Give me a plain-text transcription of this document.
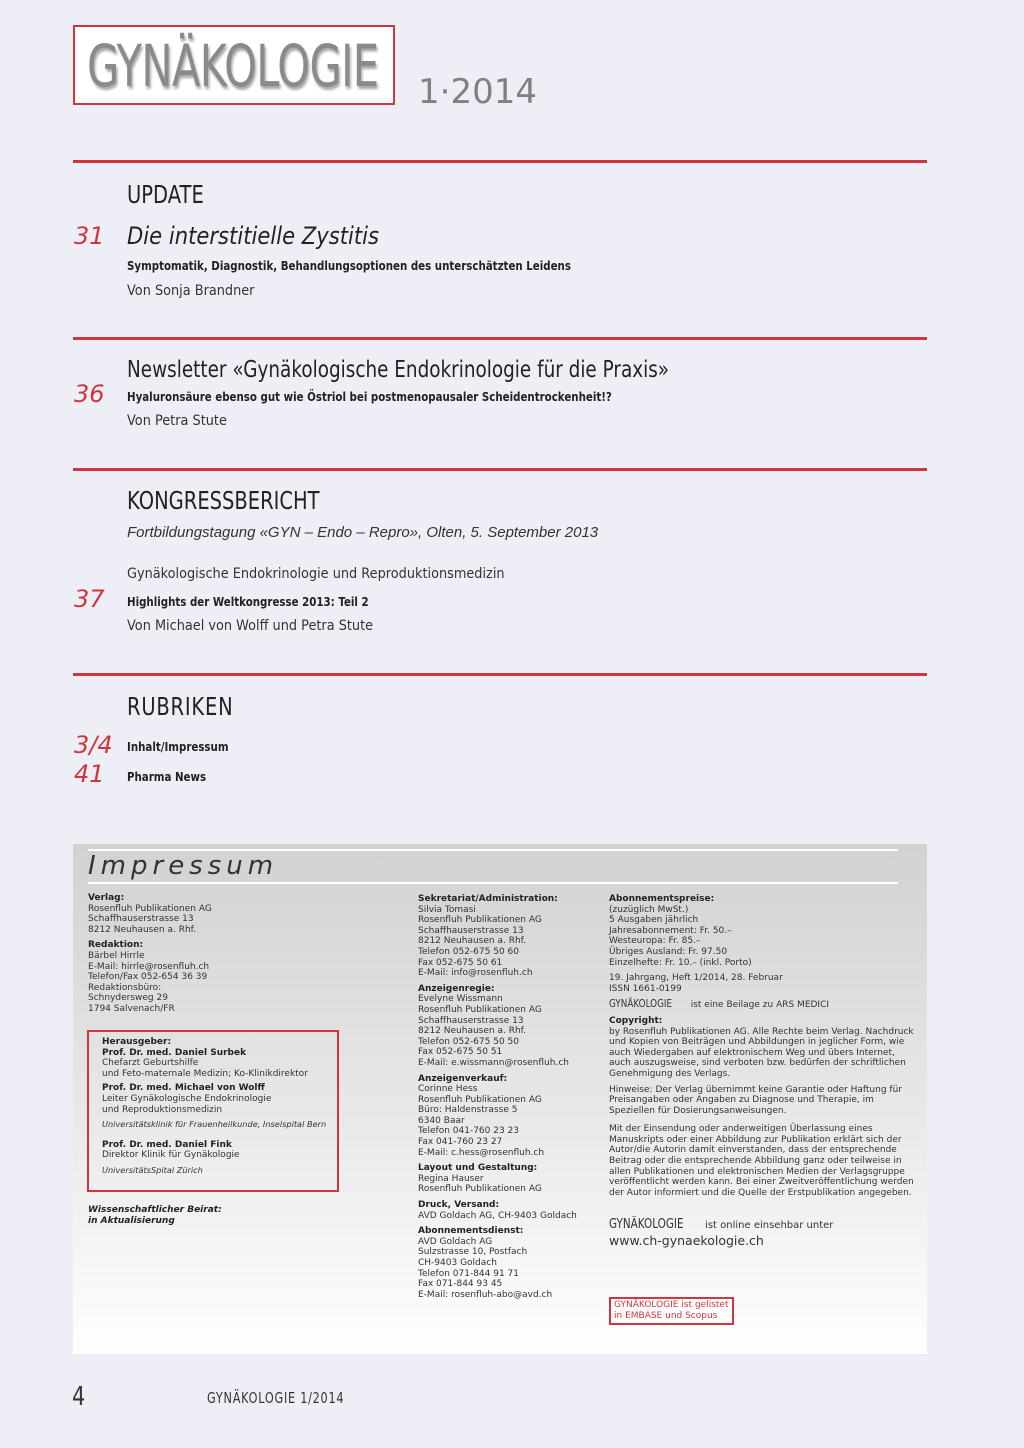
GYNÄKOLOGIE 1·2014
UPDATE
31 Die interstitielle Zystitis
Symptomatik, Diagnostik, Behandlungsoptionen des unterschätzten Leidens
Von Sonja Brandner
Newsletter «Gynäkologische Endokrinologie für die Praxis»
36 Hyaluronsäure ebenso gut wie Östriol bei postmenopausaler Scheidentrockenheit!?
Von Petra Stute
KONGRESSBERICHT
Fortbildungstagung «GYN – Endo – Repro», Olten, 5. September 2013
Gynäkologische Endokrinologie und Reproduktionsmedizin
37 Highlights der Weltkongresse 2013: Teil 2
Von Michael von Wolff und Petra Stute
RUBRIKEN
3/4 Inhalt/Impressum
41 Pharma News
Impressum
Verlag:
Rosenfluh Publikationen AG
Schaffhauserstrasse 13
8212 Neuhausen a. Rhf.
Redaktion:
Bärbel Hirrle
E-Mail: hirrle@rosenfluh.ch
Telefon/Fax 052-654 36 39
Redaktionsbüro:
Schnydersweg 29
1794 Salvenach/FR
Herausgeber:
Prof. Dr. med. Daniel Surbek
Chefarzt Geburtshilfe
und Feto-maternale Medizin; Ko-Klinikdirektor
Prof. Dr. med. Michael von Wolff
Leiter Gynäkologische Endokrinologie
und Reproduktionsmedizin
Universitätsklinik für Frauenheilkunde, Inselspital Bern
Prof. Dr. med. Daniel Fink
Direktor Klinik für Gynäkologie
UniversitätsSpital Zürich
Wissenschaftlicher Beirat:
in Aktualisierung
Sekretariat/Administration:
Silvia Tomasi
Rosenfluh Publikationen AG
Schaffhauserstrasse 13
8212 Neuhausen a. Rhf.
Telefon 052-675 50 60
Fax 052-675 50 61
E-Mail: info@rosenfluh.ch
Anzeigenregie:
Evelyne Wissmann
Rosenfluh Publikationen AG
Schaffhauserstrasse 13
8212 Neuhausen a. Rhf.
Telefon 052-675 50 50
Fax 052-675 50 51
E-Mail: e.wissmann@rosenfluh.ch
Anzeigenverkauf:
Corinne Hess
Rosenfluh Publikationen AG
Büro: Haldenstrasse 5
6340 Baar
Telefon 041-760 23 23
Fax 041-760 23 27
E-Mail: c.hess@rosenfluh.ch
Layout und Gestaltung:
Regina Hauser
Rosenfluh Publikationen AG
Druck, Versand:
AVD Goldach AG, CH-9403 Goldach
Abonnementsdienst:
AVD Goldach AG
Sulzstrasse 10, Postfach
CH-9403 Goldach
Telefon 071-844 91 71
Fax 071-844 93 45
E-Mail: rosenfluh-abo@avd.ch
Abonnementspreise:
(zuzüglich MwSt.)
5 Ausgaben jährlich
Jahresabonnement: Fr. 50.–
Westeuropa: Fr. 85.–
Übriges Ausland: Fr. 97.50
Einzelhefte: Fr. 10.– (inkl. Porto)
19. Jahrgang, Heft 1/2014, 28. Februar
ISSN 1661-0199
GYNÄKOLOGIE ist eine Beilage zu ARS MEDICI
Copyright:
by Rosenfluh Publikationen AG. Alle Rechte beim Verlag. Nachdruck und Kopien von Beiträgen und Abbildungen in jeglicher Form, wie auch Wiedergaben auf elektronischem Weg und übers Internet, auch auszugsweise, sind verboten bzw. bedürfen der schriftlichen Genehmigung des Verlags.
Hinweise: Der Verlag übernimmt keine Garantie oder Haftung für Preisangaben oder Angaben zu Diagnose und Therapie, im Speziellen für Dosierungsanweisungen.
Mit der Einsendung oder anderweitigen Überlassung eines Manuskripts oder einer Abbildung zur Publikation erklärt sich der Autor/die Autorin damit einverstanden, dass der entsprechende Beitrag oder die entsprechende Abbildung ganz oder teilweise in allen Publikationen und elektronischen Medien der Verlagsgruppe veröffentlicht werden kann. Bei einer Zweitveröffentlichung werden der Autor informiert und die Quelle der Erstpublikation angegeben.
GYNÄKOLOGIE ist online einsehbar unter
www.ch-gynaekologie.ch
GYNÄKOLOGIE ist gelistet
in EMBASE und Scopus
4	GYNÄKOLOGIE 1/2014
